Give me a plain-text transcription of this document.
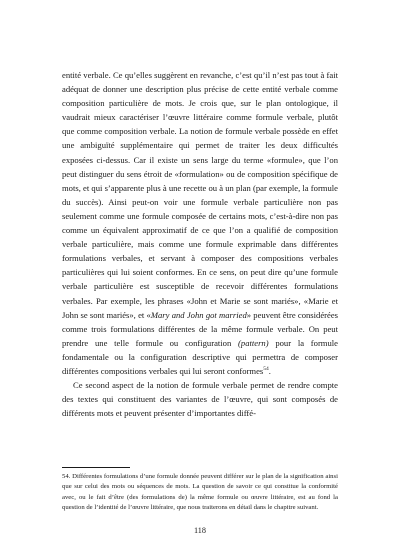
entité verbale. Ce qu’elles suggèrent en revanche, c’est qu’il n’est pas tout à fait adéquat de donner une description plus précise de cette entité verbale comme composition particulière de mots. Je crois que, sur le plan ontologique, il vaudrait mieux caractériser l’œuvre littéraire comme formule verbale, plutôt que comme composition verbale. La notion de formule verbale possède en effet une ambiguïté supplémentaire qui permet de traiter les deux difficultés exposées ci-dessus. Car il existe un sens large du terme «formule», que l’on peut distinguer du sens étroit de «formulation» ou de composition spécifique de mots, et qui s’apparente plus à une recette ou à un plan (par exemple, la formule du succès). Ainsi peut-on voir une formule verbale particulière non pas seulement comme une formule composée de certains mots, c’est-à-dire non pas comme un équivalent approximatif de ce que l’on a qualifié de composition verbale particulière, mais comme une formule exprimable dans différentes formulations verbales, et servant à composer des compositions verbales particulières qui lui soient conformes. En ce sens, on peut dire qu’une formule verbale particulière est susceptible de recevoir différentes formulations verbales. Par exemple, les phrases «John et Marie se sont mariés», «Marie et John se sont mariés», et «Mary and John got married» peuvent être considérées comme trois formulations différentes de la même formule verbale. On peut prendre une telle formule ou configuration (pattern) pour la formule fondamentale ou la configuration descriptive qui permettra de composer différentes compositions verbales qui lui seront conformes$^{54}$.

Ce second aspect de la notion de formule verbale permet de rendre compte des textes qui constituent des variantes de l’œuvre, qui sont composés de différents mots et peuvent présenter d’importantes diffé-

54. Différentes formulations d’une formule donnée peuvent différer sur le plan de la signification ainsi que sur celui des mots ou séquences de mots. La question de savoir ce qui constitue la conformité avec, ou le fait d’être (des formulations de) la même formule ou œuvre littéraire, est au fond la question de l’identité de l’œuvre littéraire, que nous traiterons en détail dans le chapitre suivant.

118
